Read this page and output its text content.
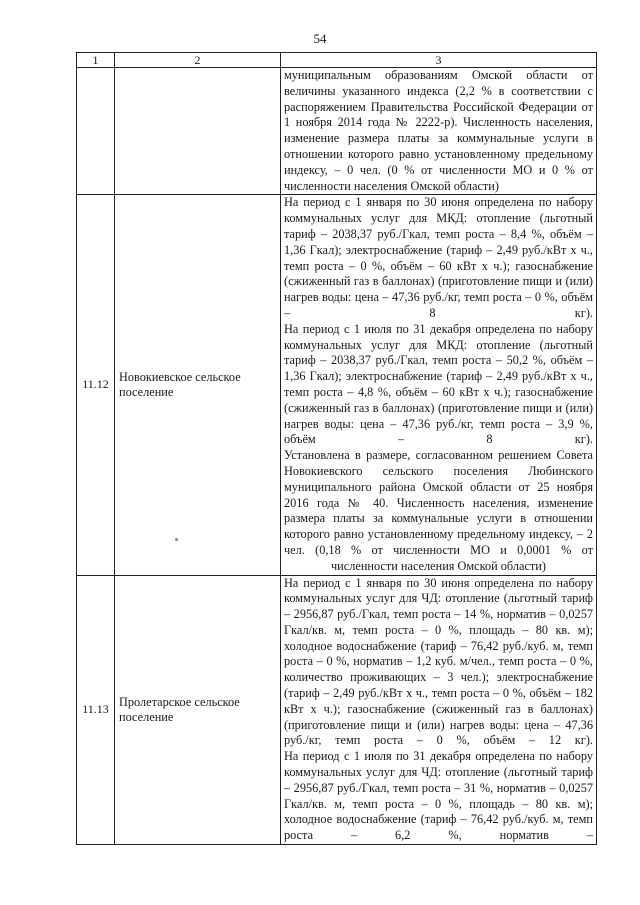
54
1	2	3

		муниципальным образованиям Омской области от величины указанного индекса (2,2 % в соответствии с распоряжением Правительства Российской Федерации от 1 ноября 2014 года № 2222-р). Численность населения, изменение размера платы за коммунальные услуги в отношении которого равно установленному предельному индексу, – 0 чел. (0 % от численности МО и 0 % от численности населения Омской области)

11.12	Новокиевское сельское поселение	На период с 1 января по 30 июня определена по набору коммунальных услуг для МКД: отопление (льготный тариф – 2038,37 руб./Гкал, темп роста – 8,4 %, объём – 1,36 Гкал); электроснабжение (тариф – 2,49 руб./кВт х ч., темп роста – 0 %, объём – 60 кВт х ч.); газоснабжение (сжиженный газ в баллонах) (приготовление пищи и (или) нагрев воды: цена – 47,36 руб./кг, темп роста – 0 %, объём – 8 кг).

На период с 1 июля по 31 декабря определена по набору коммунальных услуг для МКД: отопление (льготный тариф – 2038,37 руб./Гкал, темп роста – 50,2 %, объём – 1,36 Гкал); электроснабжение (тариф – 2,49 руб./кВт х ч., темп роста – 4,8 %, объём – 60 кВт х ч.); газоснабжение (сжиженный газ в баллонах) (приготовление пищи и (или) нагрев воды: цена – 47,36 руб./кг, темп роста – 3,9 %, объём – 8 кг).

Установлена в размере, согласованном решением Совета Новокиевского сельского поселения Любинского муниципального района Омской области от 25 ноября 2016 года № 40. Численность населения, изменение размера платы за коммунальные услуги в отношении которого равно установленному предельному индексу, – 2 чел. (0,18 % от численности МО и 0,0001 % от численности населения Омской области)

11.13	Пролетарское сельское поселение	На период с 1 января по 30 июня определена по набору коммунальных услуг для ЧД: отопление (льготный тариф – 2956,87 руб./Гкал, темп роста – 14 %, норматив – 0,0257 Гкал/кв. м, темп роста – 0 %, площадь – 80 кв. м); холодное водоснабжение (тариф – 76,42 руб./куб. м, темп роста – 0 %, норматив – 1,2 куб. м/чел., темп роста – 0 %, количество проживающих – 3 чел.); электроснабжение (тариф – 2,49 руб./кВт х ч., темп роста – 0 %, объём – 182 кВт х ч.); газоснабжение (сжиженный газ в баллонах) (приготовление пищи и (или) нагрев воды: цена – 47,36 руб./кг, темп роста – 0 %, объём – 12 кг).

На период с 1 июля по 31 декабря определена по набору коммунальных услуг для ЧД: отопление (льготный тариф – 2956,87 руб./Гкал, темп роста – 31 %, норматив – 0,0257 Гкал/кв. м, темп роста – 0 %, площадь – 80 кв. м); холодное водоснабжение (тариф – 76,42 руб./куб. м, темп роста – 6,2 %, норматив –
